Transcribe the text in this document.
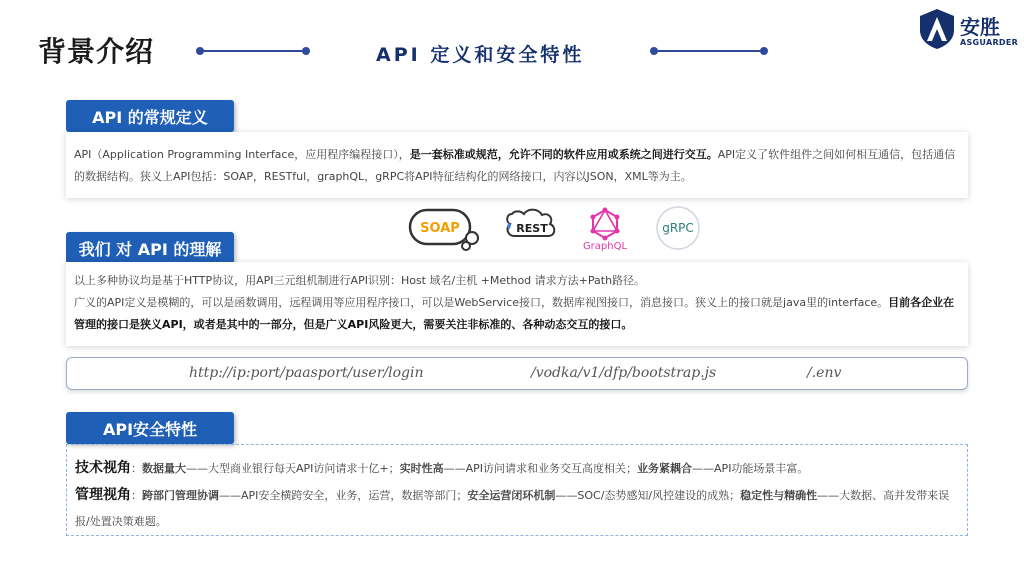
背景介绍	API 定义和安全特性
安胜
ASGUARDER
API 的常规定义

API（Application Programming Interface，应用程序编程接口），是一套标准或规范，允许不同的软件应用或系统之间进行交互。API定义了软件组件之间如何相互通信，包括通信的数据结构。狭义上API包括：SOAP，RESTful，graphQL，gRPC将API特征结构化的网络接口，内容以JSON，XML等为主。

SOAP	REST
GraphQL
gRPC
我们 对 API 的理解

以上多种协议均是基于HTTP协议，用API三元组机制进行API识别：Host 域名/主机 +Method 请求方法+Path路径。
广义的API定义是模糊的，可以是函数调用，远程调用等应用程序接口，可以是WebService接口，数据库视图接口，消息接口。狭义上的接口就是java里的interface。目前各企业在管理的接口是狭义API，或者是其中的一部分，但是广义API风险更大，需要关注非标准的、各种动态交互的接口。

http://ip:port/paasport/user/login	/vodka/v1/dfp/bootstrap.js	/.env
API安全特性

技术视角：数据量大——大型商业银行每天API访问请求十亿+；实时性高——API访问请求和业务交互高度相关；业务紧耦合——API功能场景丰富。

管理视角：跨部门管理协调——API安全横跨安全，业务，运营，数据等部门；安全运营闭环机制——SOC/态势感知/风控建设的成熟；稳定性与精确性——大数据、高并发带来误报/处置决策难题。
